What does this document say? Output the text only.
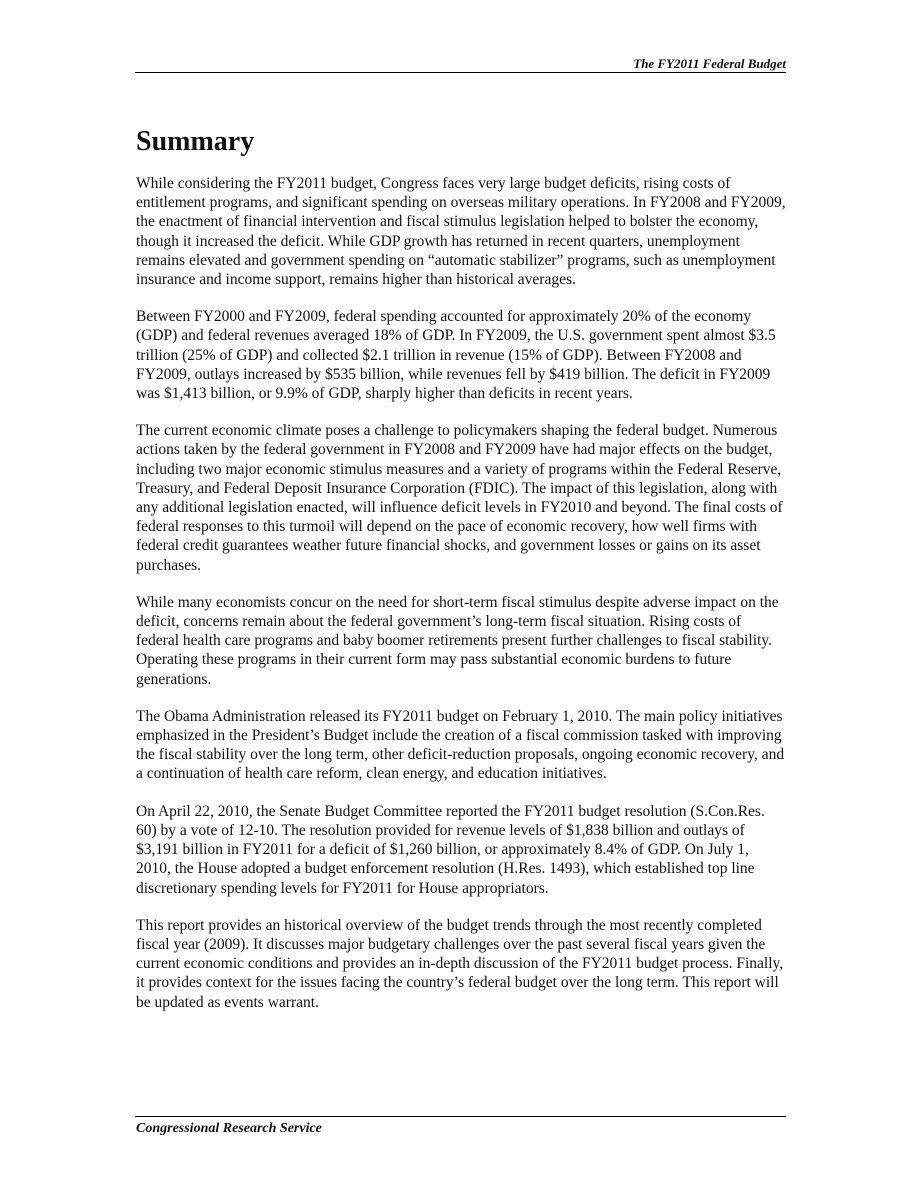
The FY2011 Federal Budget
Summary

While considering the FY2011 budget, Congress faces very large budget deficits, rising costs of entitlement programs, and significant spending on overseas military operations. In FY2008 and FY2009, the enactment of financial intervention and fiscal stimulus legislation helped to bolster the economy, though it increased the deficit. While GDP growth has returned in recent quarters, unemployment remains elevated and government spending on “automatic stabilizer” programs, such as unemployment insurance and income support, remains higher than historical averages.

Between FY2000 and FY2009, federal spending accounted for approximately 20% of the economy (GDP) and federal revenues averaged 18% of GDP. In FY2009, the U.S. government spent almost $3.5 trillion (25% of GDP) and collected $2.1 trillion in revenue (15% of GDP). Between FY2008 and FY2009, outlays increased by $535 billion, while revenues fell by $419 billion. The deficit in FY2009 was $1,413 billion, or 9.9% of GDP, sharply higher than deficits in recent years.

The current economic climate poses a challenge to policymakers shaping the federal budget. Numerous actions taken by the federal government in FY2008 and FY2009 have had major effects on the budget, including two major economic stimulus measures and a variety of programs within the Federal Reserve, Treasury, and Federal Deposit Insurance Corporation (FDIC). The impact of this legislation, along with any additional legislation enacted, will influence deficit levels in FY2010 and beyond. The final costs of federal responses to this turmoil will depend on the pace of economic recovery, how well firms with federal credit guarantees weather future financial shocks, and government losses or gains on its asset purchases.

While many economists concur on the need for short-term fiscal stimulus despite adverse impact on the deficit, concerns remain about the federal government’s long-term fiscal situation. Rising costs of federal health care programs and baby boomer retirements present further challenges to fiscal stability. Operating these programs in their current form may pass substantial economic burdens to future generations.

The Obama Administration released its FY2011 budget on February 1, 2010. The main policy initiatives emphasized in the President’s Budget include the creation of a fiscal commission tasked with improving the fiscal stability over the long term, other deficit-reduction proposals, ongoing economic recovery, and a continuation of health care reform, clean energy, and education initiatives.

On April 22, 2010, the Senate Budget Committee reported the FY2011 budget resolution (S.Con.Res. 60) by a vote of 12-10. The resolution provided for revenue levels of $1,838 billion and outlays of $3,191 billion in FY2011 for a deficit of $1,260 billion, or approximately 8.4% of GDP. On July 1, 2010, the House adopted a budget enforcement resolution (H.Res. 1493), which established top line discretionary spending levels for FY2011 for House appropriators.

This report provides an historical overview of the budget trends through the most recently completed fiscal year (2009). It discusses major budgetary challenges over the past several fiscal years given the current economic conditions and provides an in-depth discussion of the FY2011 budget process. Finally, it provides context for the issues facing the country’s federal budget over the long term. This report will be updated as events warrant.

Congressional Research Service
